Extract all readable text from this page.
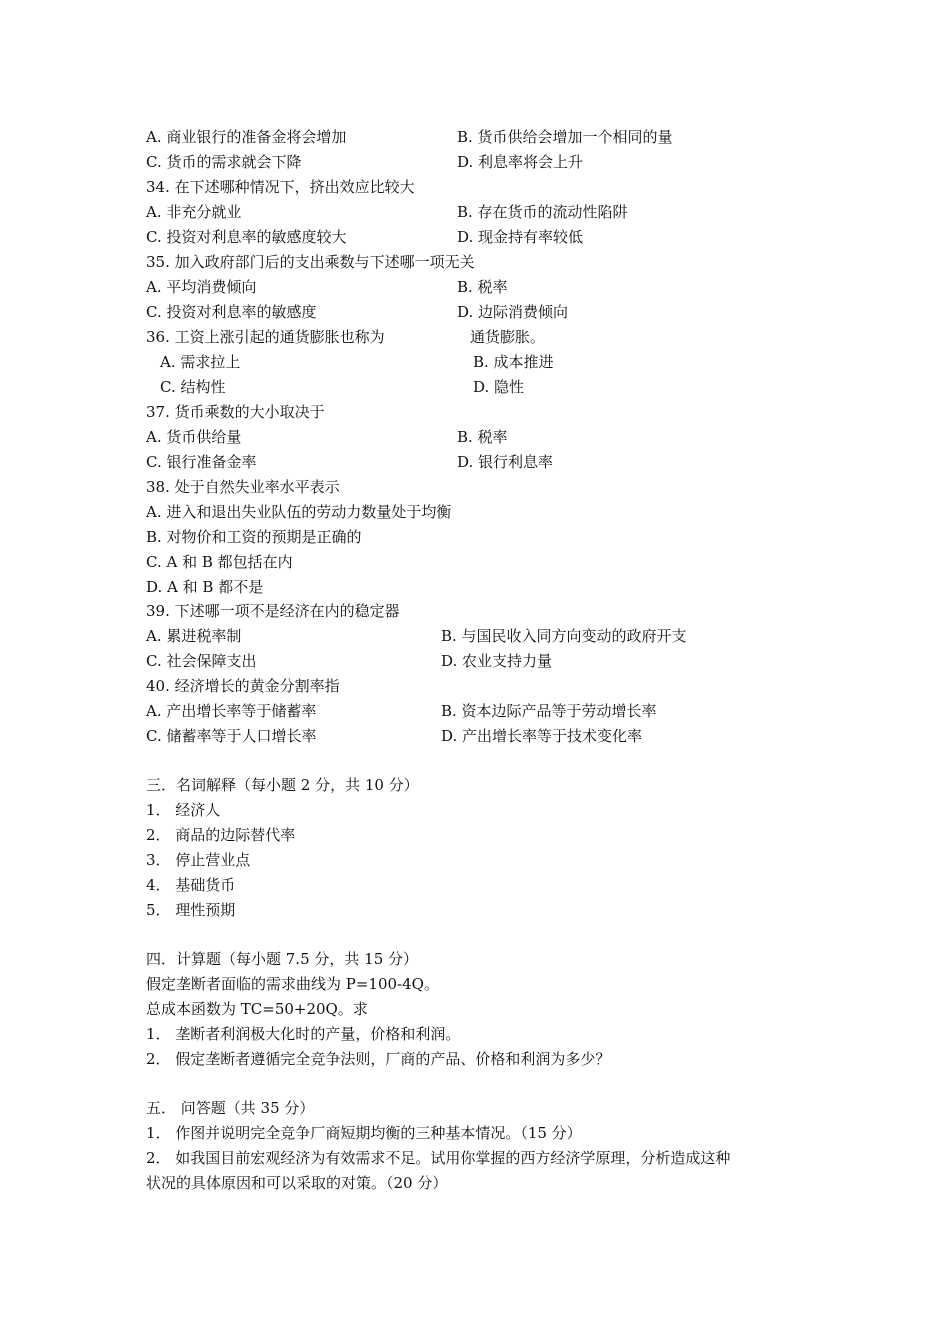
A. 商业银行的准备金将会增加	B. 货币供给会增加一个相同的量
C. 货币的需求就会下降	D. 利息率将会上升
34. 在下述哪种情况下，挤出效应比较大
A. 非充分就业	B. 存在货币的流动性陷阱
C. 投资对利息率的敏感度较大	D. 现金持有率较低
35. 加入政府部门后的支出乘数与下述哪一项无关
A. 平均消费倾向	B. 税率
C. 投资对利息率的敏感度	D. 边际消费倾向
36. 工资上涨引起的通货膨胀也称为	通货膨胀。
A. 需求拉上	B. 成本推进
C. 结构性	D. 隐性
37. 货币乘数的大小取决于
A. 货币供给量	B. 税率
C. 银行准备金率	D. 银行利息率
38. 处于自然失业率水平表示
A. 进入和退出失业队伍的劳动力数量处于均衡
B. 对物价和工资的预期是正确的
C. A 和 B 都包括在内
D. A 和 B 都不是
39. 下述哪一项不是经济在内的稳定器
A. 累进税率制	B. 与国民收入同方向变动的政府开支
C. 社会保障支出	D. 农业支持力量
40. 经济增长的黄金分割率指
A. 产出增长率等于储蓄率	B. 资本边际产品等于劳动增长率
C. 储蓄率等于人口增长率	D. 产出增长率等于技术变化率
三．名词解释（每小题 2 分，共 10 分）
1． 经济人
2． 商品的边际替代率
3． 停止营业点
4． 基础货币
5． 理性预期
四．计算题（每小题 7.5 分，共 15 分）
假定垄断者面临的需求曲线为 P=100-4Q。
总成本函数为 TC=50+20Q。求
1． 垄断者利润极大化时的产量，价格和利润。
2． 假定垄断者遵循完全竞争法则，厂商的产品、价格和利润为多少？
五． 问答题（共 35 分）
1． 作图并说明完全竞争厂商短期均衡的三种基本情况。（15 分）
2． 如我国目前宏观经济为有效需求不足。试用你掌握的西方经济学原理，分析造成这种
状况的具体原因和可以采取的对策。（20 分）
